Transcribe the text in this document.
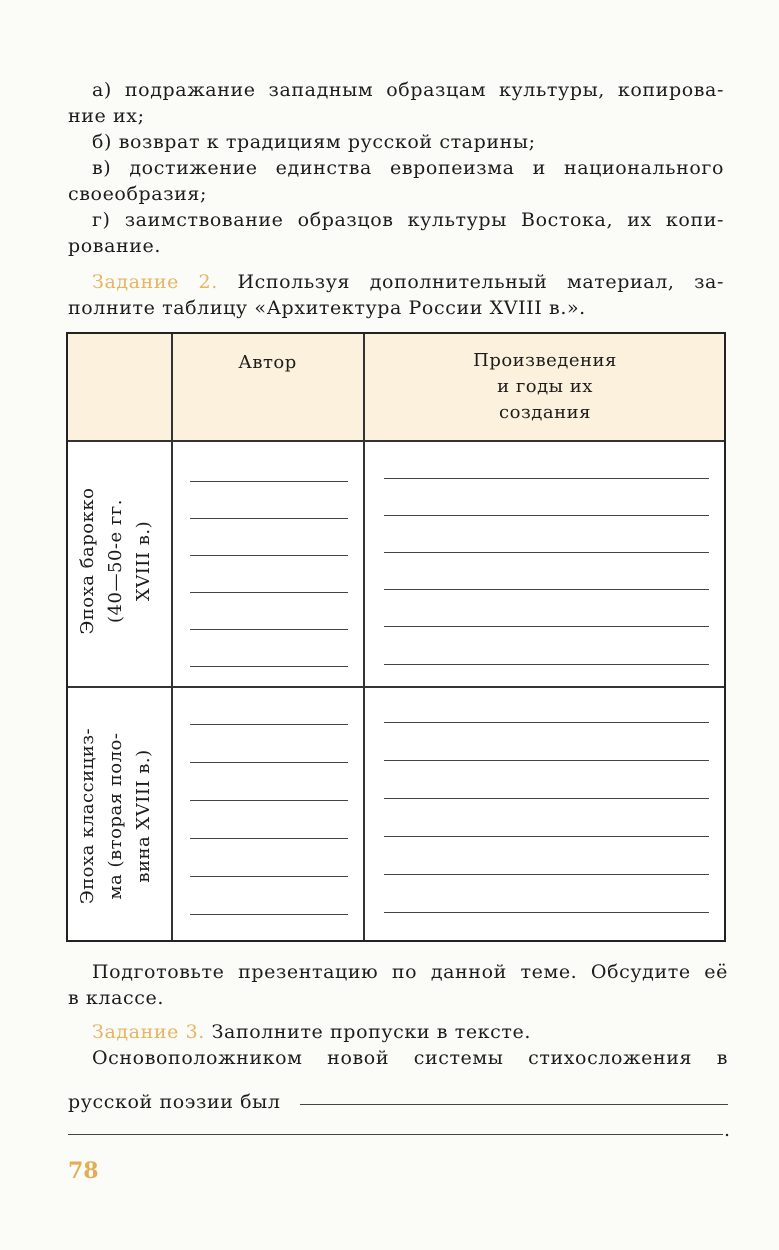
а) подражание западным образцам культуры, копирова-
ние их;
б) возврат к традициям русской старины;
в) достижение единства европеизма и национального
своеобразия;
г) заимствование образцов культуры Востока, их копи-
рование.
Задание 2. Используя дополнительный материал, за-
полните таблицу «Архитектура России XVIII в.».
Автор	Произведения
и годы их
создания
Эпоха барокко (40—50-е гг. XVIII в.)
Эпоха классициз- ма (вторая поло- вина XVIII в.)
Подготовьте презентацию по данной теме. Обсудите её
в классе.
Задание 3. Заполните пропуски в тексте.
Основоположником новой системы стихосложения в
русской поэзии был
.
78
